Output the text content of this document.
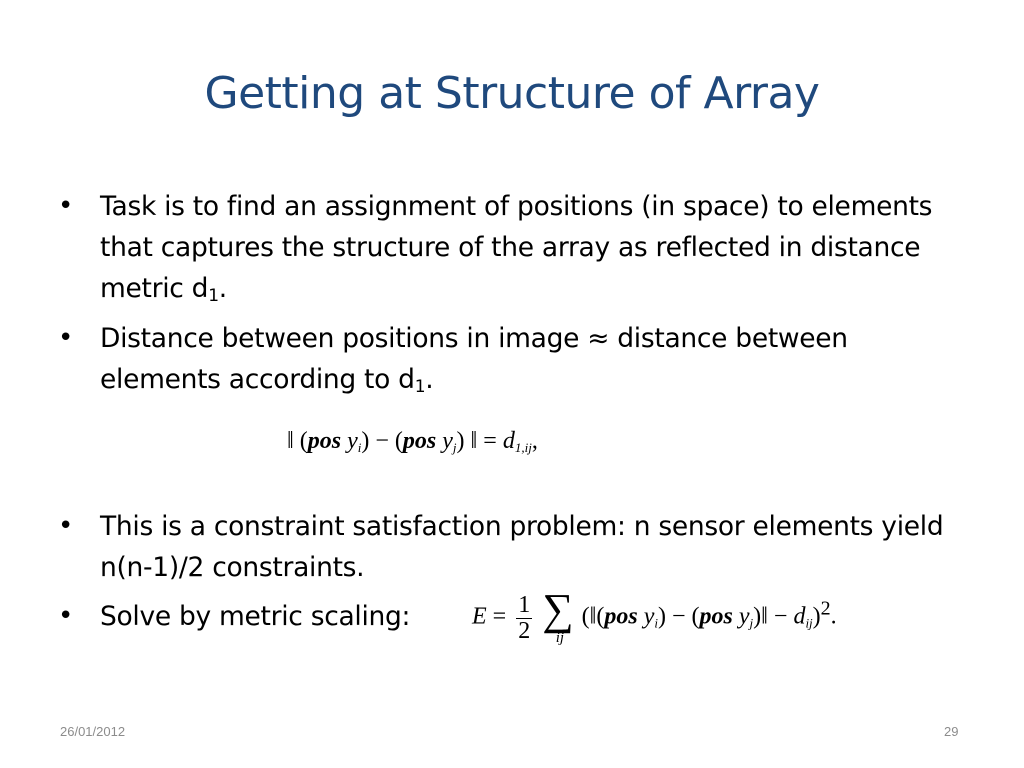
Getting at Structure of Array
• Task is to find an assignment of positions (in space) to elements that captures the structure of the array as reflected in distance metric $d_1$.
• Distance between positions in image ≈ distance between elements according to $d_1$.
‖ (pos $y_i) - (pos$ $y_j$) ‖ = $d_{1,ij}$,
• This is a constraint satisfaction problem: n sensor elements yield n(n-1)/2 constraints.
• Solve by metric scaling:	$E = \frac{1}{2}$
∑
ij
(‖(pos $y_i) - (pos$ $y_j)‖ - d_{ij})^2$.
26/01/2012	29
